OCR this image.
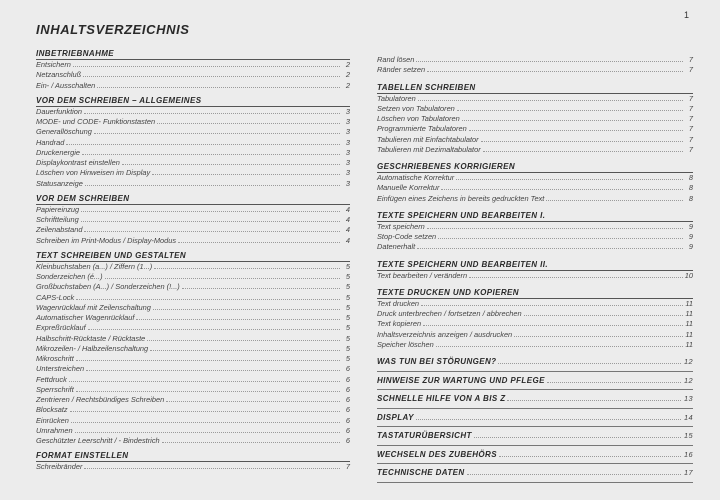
1
INHALTSVERZEICHNIS
INBETRIEBNAHME
Entsichern	2
Netzanschluß	2
Ein- / Ausschalten	2
VOR DEM SCHREIBEN – ALLGEMEINES
Dauerfunktion	3
MODE- und CODE- Funktionstasten	3
Generallöschung	3
Handrad	3
Druckenergie	3
Displaykontrast einstellen	3
Löschen von Hinweisen im Display	3
Statusanzeige	3
VOR DEM SCHREIBEN
Papiereinzug	4
Schriftteilung	4
Zeilenabstand	4
Schreiben im Print-Modus / Display-Modus	4
TEXT SCHREIBEN UND GESTALTEN
Kleinbuchstaben (a...) / Ziffern (1...)	5
Sonderzeichen (é...)	5
Großbuchstaben (A...) / Sonderzeichen (!...)	5
CAPS-Lock	5
Wagenrücklauf mit Zeilenschaltung	5
Automatischer Wagenrücklauf	5
Expreßrücklauf	5
Halbschritt-Rücktaste / Rücktaste	5
Mikrozeilen- / Halbzeilenschaltung	5
Mikroschritt	5
Unterstreichen	6
Fettdruck	6
Sperrschrift	6
Zentrieren / Rechtsbündiges Schreiben	6
Blocksatz	6
Einrücken	6
Umrahmen	6
Geschützter Leerschritt / - Bindestrich	6
FORMAT EINSTELLEN
Schreibränder	7
Rand lösen	7
Ränder setzen	7
TABELLEN SCHREIBEN
Tabulatoren	7
Setzen von Tabulatoren	7
Löschen von Tabulatoren	7
Programmierte Tabulatoren	7
Tabulieren mit Einfachtabulator	7
Tabulieren mit Dezimaltabulator	7
GESCHRIEBENES KORRIGIEREN
Automatische Korrektur	8
Manuelle Korrektur	8
Einfügen eines Zeichens in bereits gedruckten Text	8
TEXTE SPEICHERN UND BEARBEITEN I.
Text speichern	9
Stop-Code setzen	9
Datenerhalt	9
TEXTE SPEICHERN UND BEARBEITEN II.
Text bearbeiten / verändern	10
TEXTE DRUCKEN UND KOPIEREN
Text drucken	11
Druck unterbrechen / fortsetzen / abbrechen	11
Text kopieren	11
Inhaltsverzeichnis anzeigen / ausdrucken	11
Speicher löschen	11
WAS TUN BEI STÖRUNGEN?	12
HINWEISE ZUR WARTUNG UND PFLEGE	12
SCHNELLE HILFE VON A BIS Z	13
DISPLAY	14
TASTATURÜBERSICHT	15
WECHSELN DES ZUBEHÖRS	16
TECHNISCHE DATEN	17
